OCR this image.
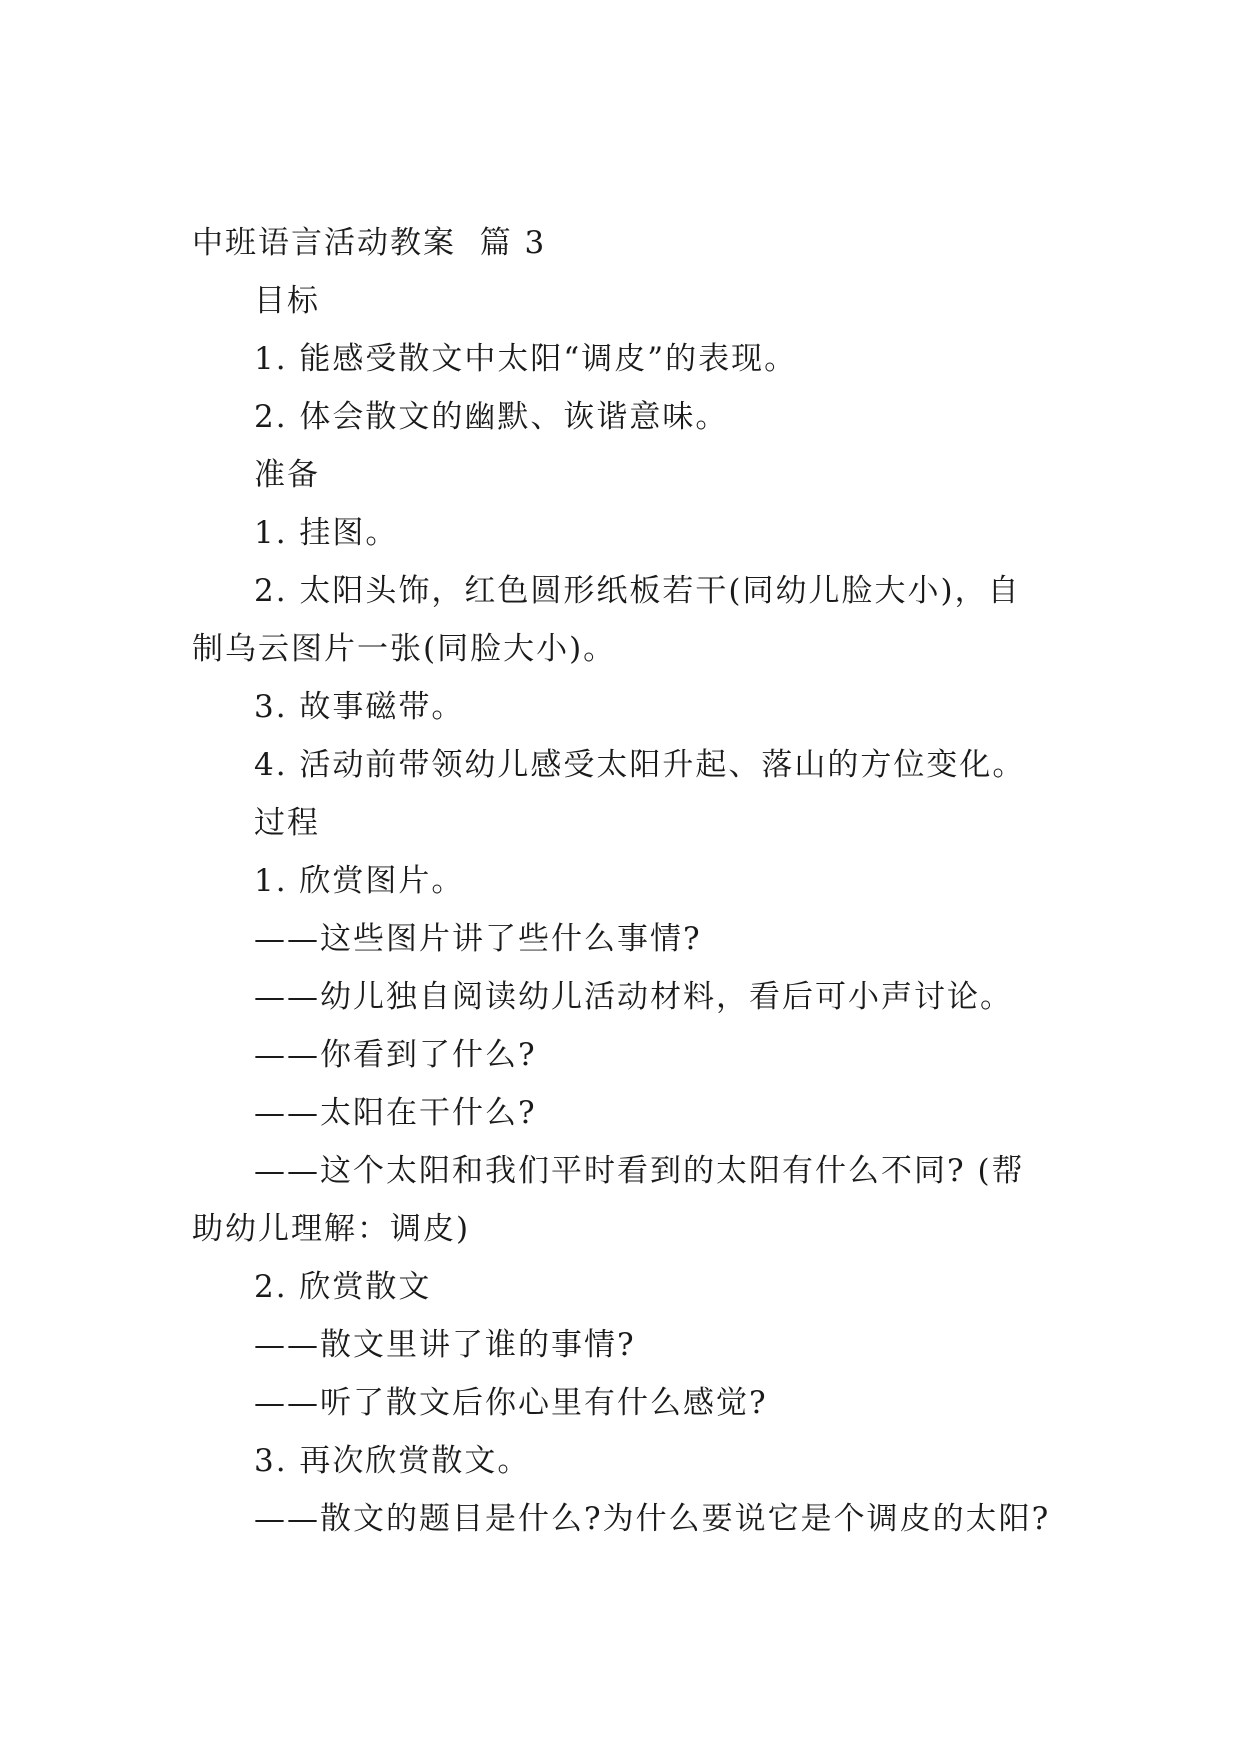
中班语言活动教案  篇 3

目标

1. 能感受散文中太阳“调皮”的表现。

2. 体会散文的幽默、诙谐意味。

准备

1. 挂图。

2. 太阳头饰，红色圆形纸板若干(同幼儿脸大小)，自制乌云图片一张(同脸大小)。

3. 故事磁带。

4. 活动前带领幼儿感受太阳升起、落山的方位变化。

过程

1. 欣赏图片。

——这些图片讲了些什么事情?

——幼儿独自阅读幼儿活动材料，看后可小声讨论。

——你看到了什么?

——太阳在干什么?

——这个太阳和我们平时看到的太阳有什么不同? (帮助幼儿理解：调皮)

2. 欣赏散文

——散文里讲了谁的事情?

——听了散文后你心里有什么感觉?

3. 再次欣赏散文。

——散文的题目是什么?为什么要说它是个调皮的太阳?
